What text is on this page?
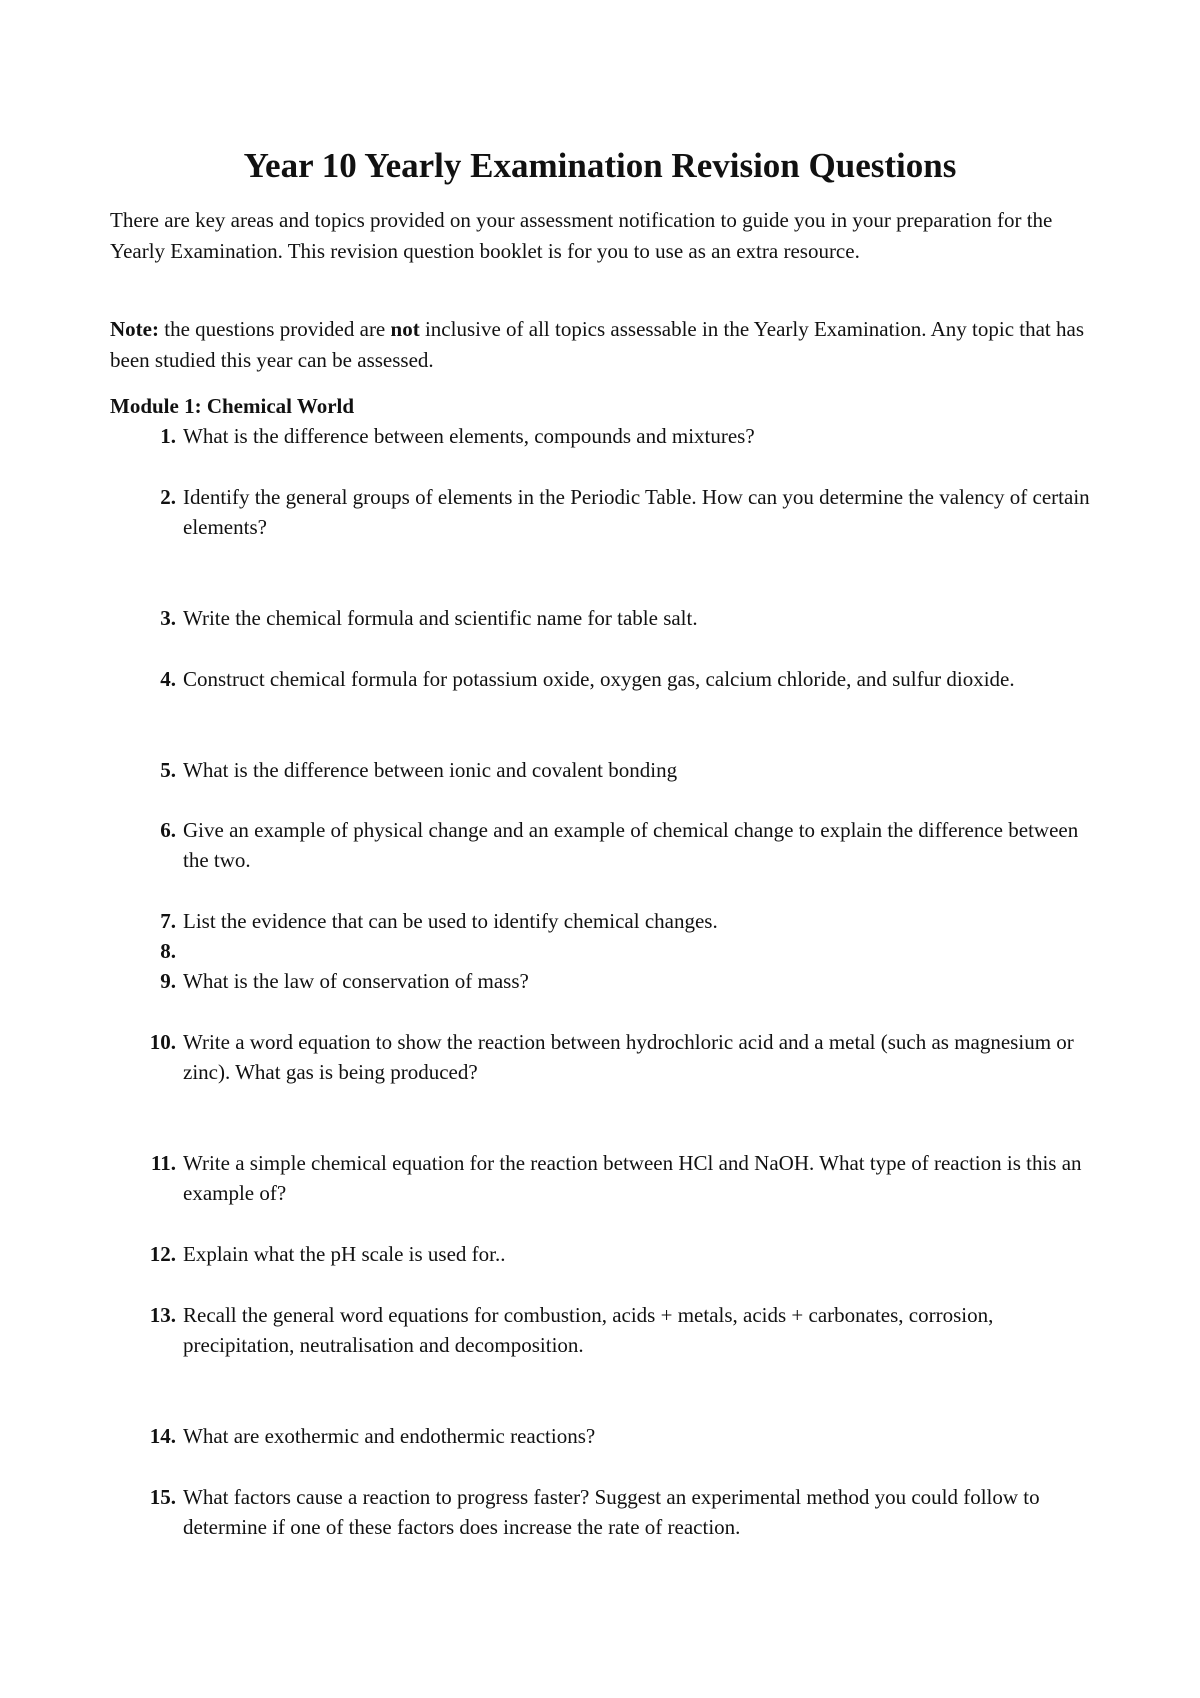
Year 10 Yearly Examination Revision Questions

There are key areas and topics provided on your assessment notification to guide you in your preparation for the Yearly Examination. This revision question booklet is for you to use as an extra resource.

Note: the questions provided are not inclusive of all topics assessable in the Yearly Examination. Any topic that has been studied this year can be assessed.

Module 1: Chemical World

1. What is the difference between elements, compounds and mixtures?
2. Identify the general groups of elements in the Periodic Table. How can you determine the valency of certain elements?
3. Write the chemical formula and scientific name for table salt.
4. Construct chemical formula for potassium oxide, oxygen gas, calcium chloride, and sulfur dioxide.
5. What is the difference between ionic and covalent bonding
6. Give an example of physical change and an example of chemical change to explain the difference between the two.
7. List the evidence that can be used to identify chemical changes.
8.
9. What is the law of conservation of mass?
10. Write a word equation to show the reaction between hydrochloric acid and a metal (such as magnesium or zinc). What gas is being produced?
11. Write a simple chemical equation for the reaction between HCl and NaOH. What type of reaction is this an example of?
12. Explain what the pH scale is used for..
13. Recall the general word equations for combustion, acids + metals, acids + carbonates, corrosion, precipitation, neutralisation and decomposition.
14. What are exothermic and endothermic reactions?
15. What factors cause a reaction to progress faster? Suggest an experimental method you could follow to determine if one of these factors does increase the rate of reaction.
